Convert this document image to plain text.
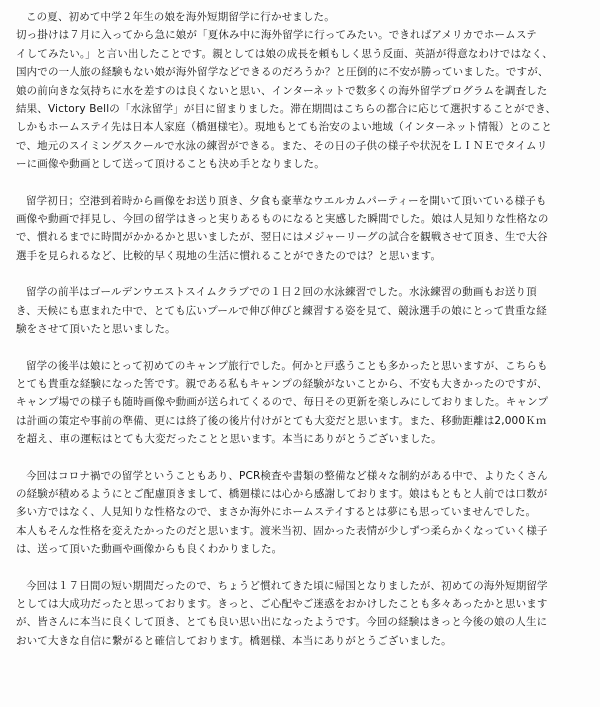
この夏、初めて中学２年生の娘を海外短期留学に行かせました。
切っ掛けは７月に入ってから急に娘が「夏休み中に海外留学に行ってみたい。できればアメリカでホームステ
イしてみたい。」と言い出したことです。親としては娘の成長を頼もしく思う反面、英語が得意なわけではなく、
国内での一人旅の経験もない娘が海外留学などできるのだろうか？と圧倒的に不安が勝っていました。ですが、
娘の前向きな気持ちに水を差すのは良くないと思い、インターネットで数多くの海外留学プログラムを調査した
結果、Victory Bellの「水泳留学」が目に留まりました。滞在期間はこちらの都合に応じて選択することができ、
しかもホームステイ先は日本人家庭（橋廻様宅）。現地もとても治安のよい地域（インターネット情報）とのこと
で、地元のスイミングスクールで水泳の練習ができる。また、その日の子供の様子や状況をＬＩＮＥでタイムリ
ーに画像や動画として送って頂けることも決め手となりました。

留学初日；空港到着時から画像をお送り頂き、夕食も豪華なウエルカムパーティーを開いて頂いている様子も
画像や動画で拝見し、今回の留学はきっと実りあるものになると実感した瞬間でした。娘は人見知りな性格なの
で、慣れるまでに時間がかかるかと思いましたが、翌日にはメジャーリーグの試合を観戦させて頂き、生で大谷
選手を見られるなど、比較的早く現地の生活に慣れることができたのでは？と思います。

留学の前半はゴールデンウエストスイムクラブでの１日２回の水泳練習でした。水泳練習の動画もお送り頂
き、天候にも恵まれた中で、とても広いプールで伸び伸びと練習する姿を見て、競泳選手の娘にとって貴重な経
験をさせて頂いたと思いました。

留学の後半は娘にとって初めてのキャンプ旅行でした。何かと戸惑うことも多かったと思いますが、こちらも
とても貴重な経験になった筈です。親である私もキャンプの経験がないことから、不安も大きかったのですが、
キャンプ場での様子も随時画像や動画が送られてくるので、毎日その更新を楽しみにしておりました。キャンプ
は計画の策定や事前の準備、更には終了後の後片付けがとても大変だと思います。また、移動距離は2,000Ｋｍ
を超え、車の運転はとても大変だったことと思います。本当にありがとうございました。

今回はコロナ禍での留学ということもあり、PCR検査や書類の整備など様々な制約がある中で、よりたくさん
の経験が積めるようにとご配慮頂きまして、橋廻様には心から感謝しております。娘はもともと人前では口数が
多い方ではなく、人見知りな性格なので、まさか海外にホームステイするとは夢にも思っていませんでした。
本人もそんな性格を変えたかったのだと思います。渡米当初、固かった表情が少しずつ柔らかくなっていく様子
は、送って頂いた動画や画像からも良くわかりました。

今回は１７日間の短い期間だったので、ちょうど慣れてきた頃に帰国となりましたが、初めての海外短期留学
としては大成功だったと思っております。きっと、ご心配やご迷惑をおかけしたことも多々あったかと思います
が、皆さんに本当に良くして頂き、とても良い思い出になったようです。今回の経験はきっと今後の娘の人生に
おいて大きな自信に繋がると確信しております。橋廻様、本当にありがとうございました。
